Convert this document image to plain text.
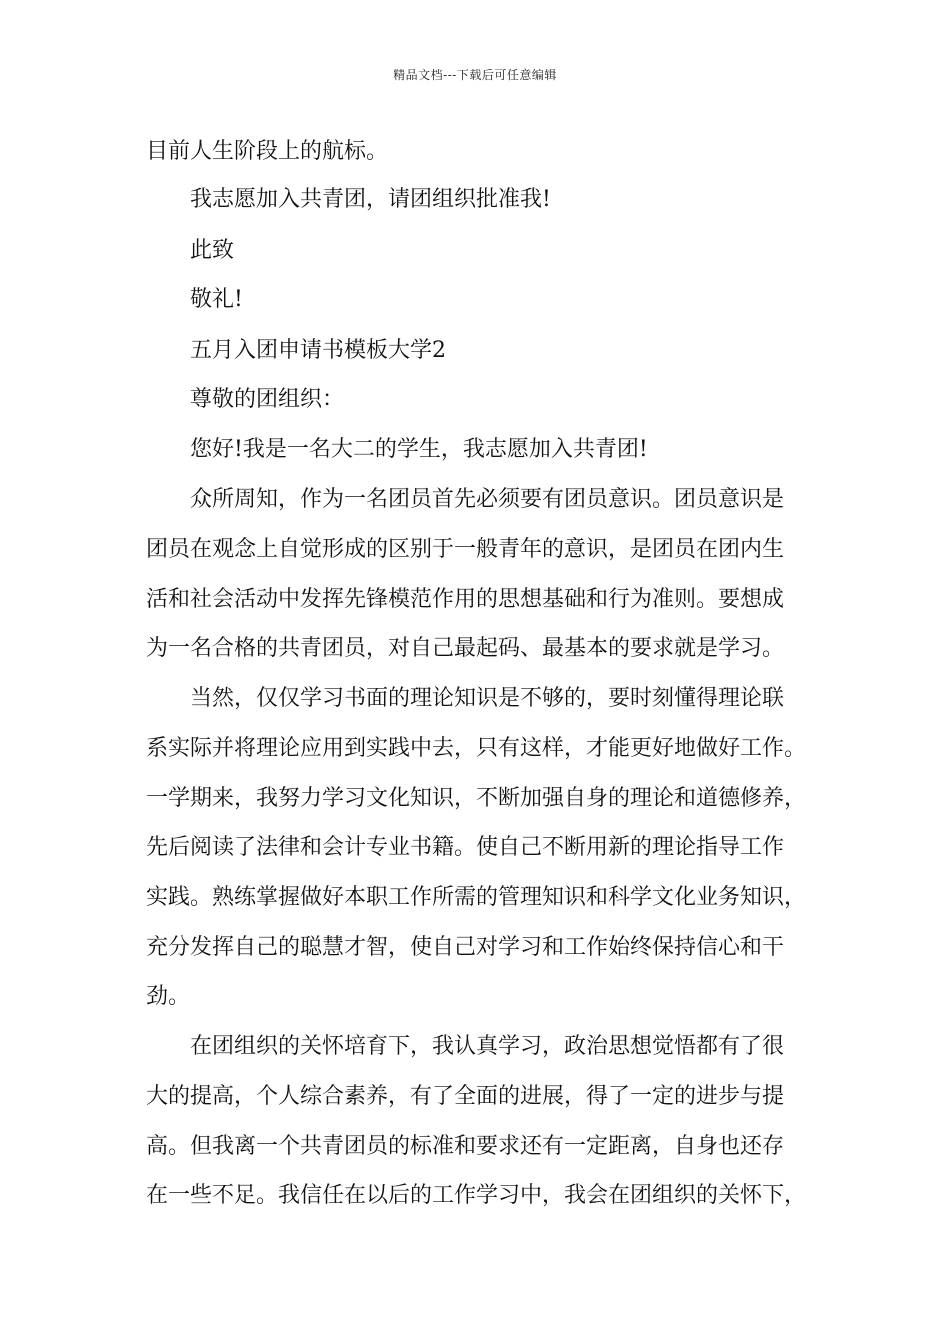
精品文档---下载后可任意编辑
目前人生阶段上的航标。
我志愿加入共青团，请团组织批准我!
此致
敬礼!
五月入团申请书模板大学2
尊敬的团组织：
您好!我是一名大二的学生，我志愿加入共青团!
众所周知，作为一名团员首先必须要有团员意识。团员意识是
团员在观念上自觉形成的区别于一般青年的意识，是团员在团内生
活和社会活动中发挥先锋模范作用的思想基础和行为准则。要想成
为一名合格的共青团员，对自己最起码、最基本的要求就是学习。
当然，仅仅学习书面的理论知识是不够的，要时刻懂得理论联
系实际并将理论应用到实践中去，只有这样，才能更好地做好工作。
一学期来，我努力学习文化知识，不断加强自身的理论和道德修养，
先后阅读了法律和会计专业书籍。使自己不断用新的理论指导工作
实践。熟练掌握做好本职工作所需的管理知识和科学文化业务知识，
充分发挥自己的聪慧才智，使自己对学习和工作始终保持信心和干
劲。
在团组织的关怀培育下，我认真学习，政治思想觉悟都有了很
大的提高，个人综合素养，有了全面的进展，得了一定的进步与提
高。但我离一个共青团员的标准和要求还有一定距离，自身也还存
在一些不足。我信任在以后的工作学习中，我会在团组织的关怀下，
